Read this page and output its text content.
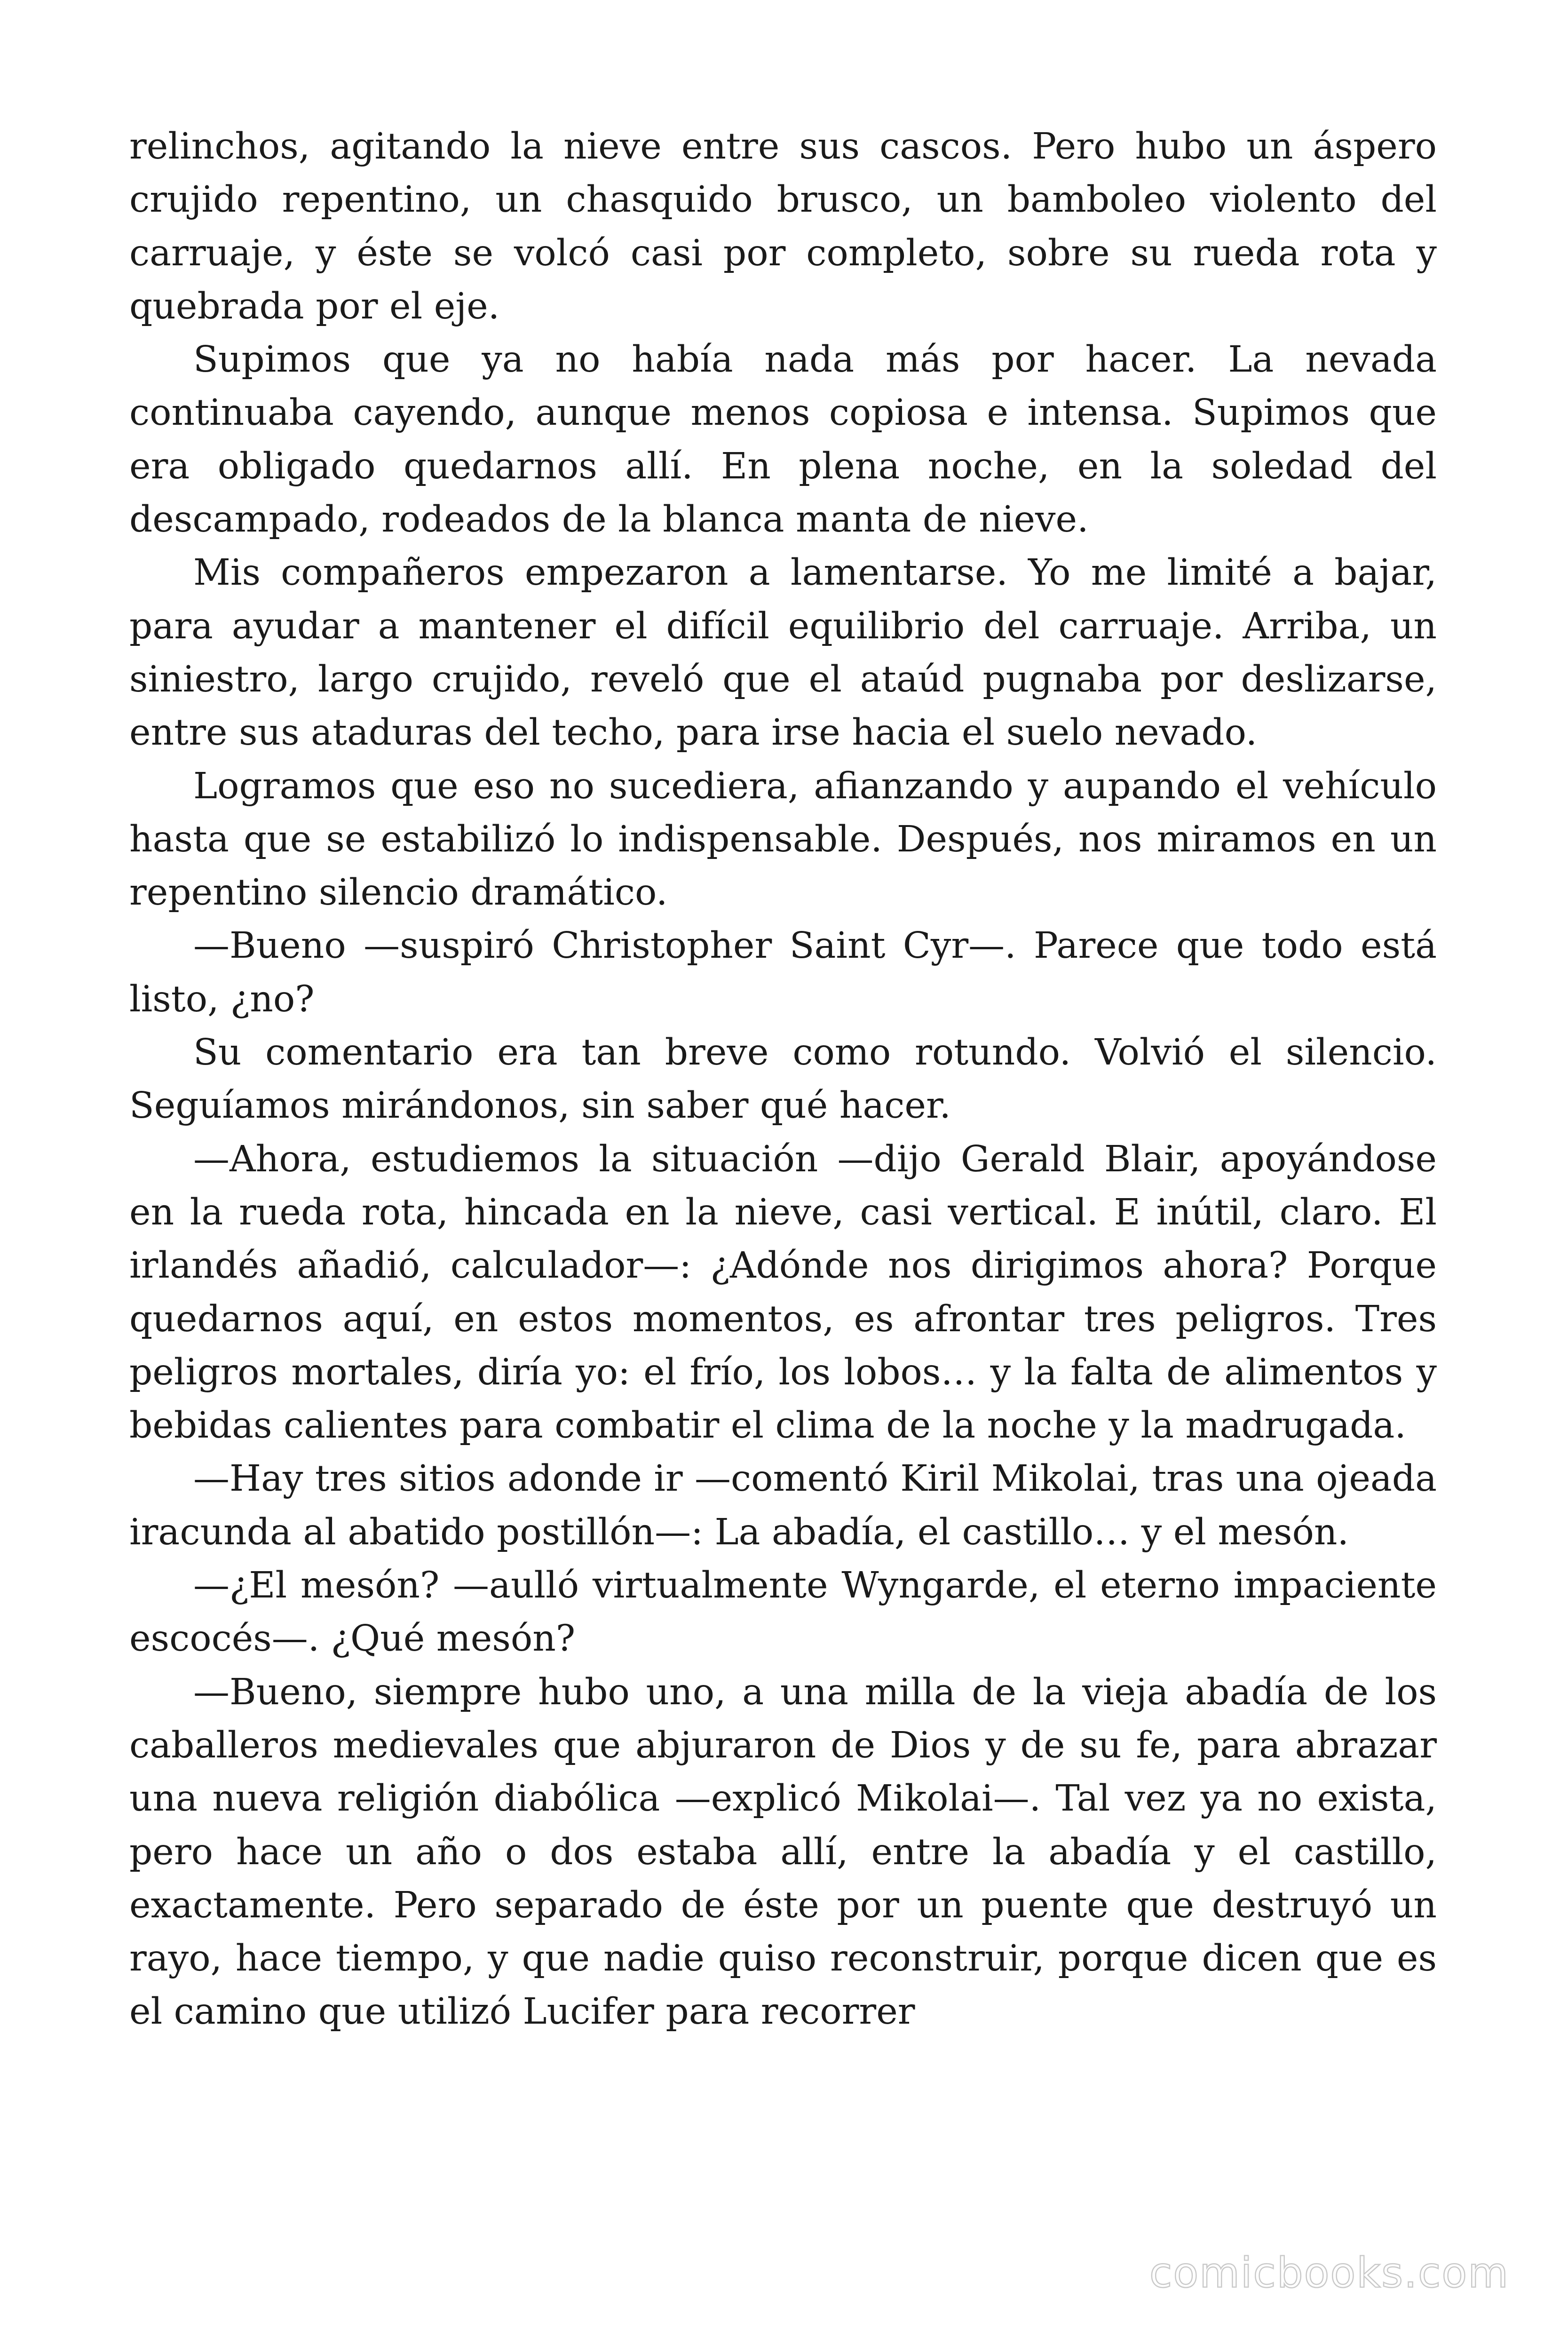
relinchos, agitando la nieve entre sus cascos. Pero hubo un áspero crujido repentino, un chasquido brusco, un bamboleo violento del carruaje, y éste se volcó casi por completo, sobre su rueda rota y quebrada por el eje.

Supimos que ya no había nada más por hacer. La nevada continuaba cayendo, aunque menos copiosa e intensa. Supimos que era obligado quedarnos allí. En plena noche, en la soledad del descampado, rodeados de la blanca manta de nieve.

Mis compañeros empezaron a lamentarse. Yo me limité a bajar, para ayudar a mantener el difícil equilibrio del carruaje. Arriba, un siniestro, largo crujido, reveló que el ataúd pugnaba por deslizarse, entre sus ataduras del techo, para irse hacia el suelo nevado.

Logramos que eso no sucediera, afianzando y aupando el vehículo hasta que se estabilizó lo indispensable. Después, nos miramos en un repentino silencio dramático.

—Bueno —suspiró Christopher Saint Cyr—. Parece que todo está listo, ¿no?

Su comentario era tan breve como rotundo. Volvió el silencio. Seguíamos mirándonos, sin saber qué hacer.

—Ahora, estudiemos la situación —dijo Gerald Blair, apoyándose en la rueda rota, hincada en la nieve, casi vertical. E inútil, claro. El irlandés añadió, calculador—: ¿Adónde nos dirigimos ahora? Porque quedarnos aquí, en estos momentos, es afrontar tres peligros. Tres peligros mortales, diría yo: el frío, los lobos… y la falta de alimentos y bebidas calientes para combatir el clima de la noche y la madrugada.

—Hay tres sitios adonde ir —comentó Kiril Mikolai, tras una ojeada iracunda al abatido postillón—: La abadía, el castillo… y el mesón.

—¿El mesón? —aulló virtualmente Wyngarde, el eterno impaciente escocés—. ¿Qué mesón?

—Bueno, siempre hubo uno, a una milla de la vieja abadía de los caballeros medievales que abjuraron de Dios y de su fe, para abrazar una nueva religión diabólica —explicó Mikolai—. Tal vez ya no exista, pero hace un año o dos estaba allí, entre la abadía y el castillo, exactamente. Pero separado de éste por un puente que destruyó un rayo, hace tiempo, y que nadie quiso reconstruir, porque dicen que es el camino que utilizó Lucifer para recorrer

comicbooks.com
